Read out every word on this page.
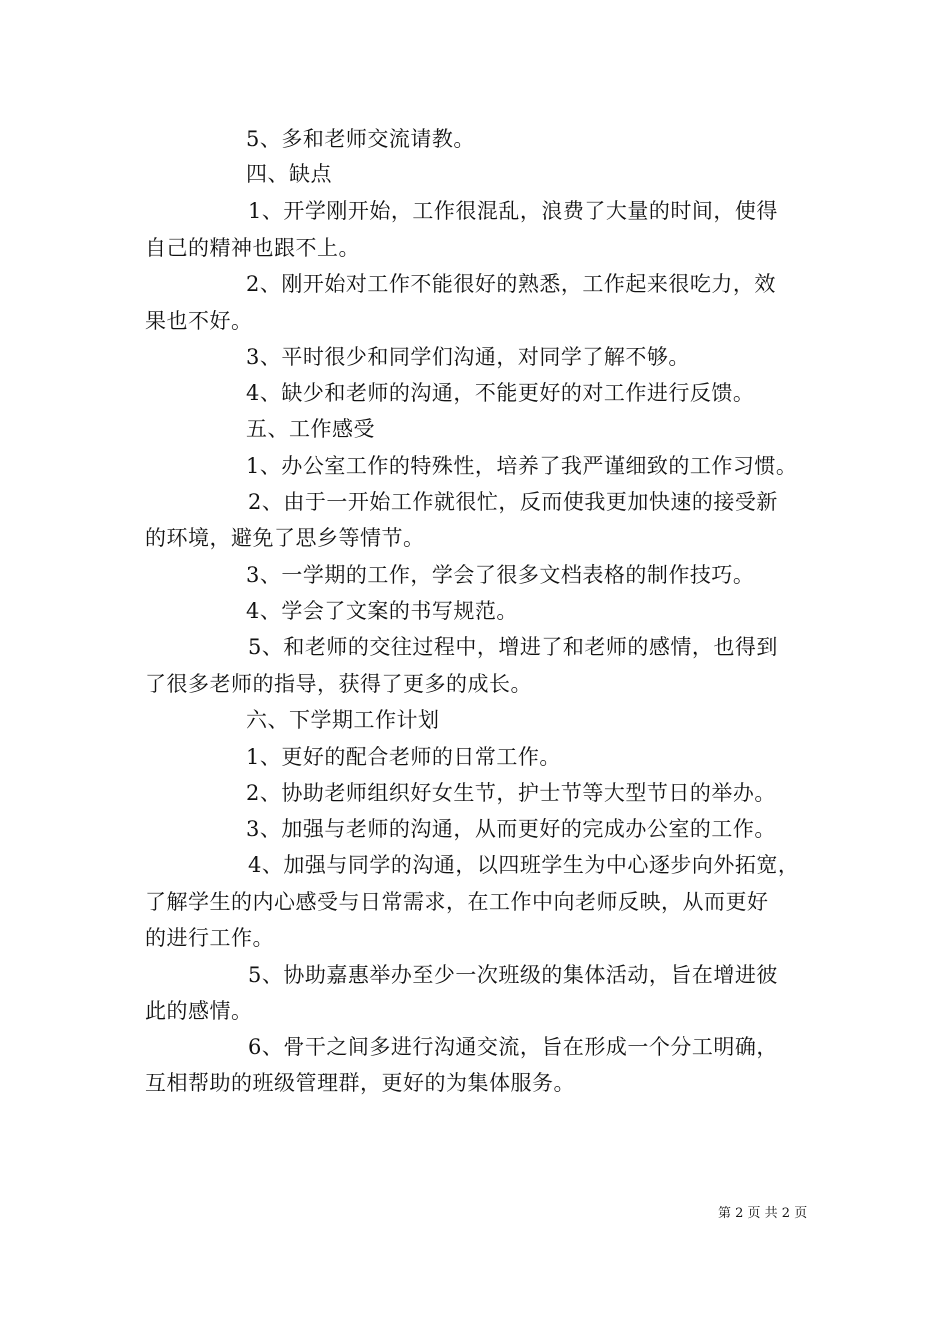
5、多和老师交流请教。
四、缺点
1、开学刚开始，工作很混乱，浪费了大量的时间，使得
自己的精神也跟不上。
2、刚开始对工作不能很好的熟悉，工作起来很吃力，效
果也不好。
3、平时很少和同学们沟通，对同学了解不够。
4、缺少和老师的沟通，不能更好的对工作进行反馈。
五、工作感受
1、办公室工作的特殊性，培养了我严谨细致的工作习惯。
2、由于一开始工作就很忙，反而使我更加快速的接受新
的环境，避免了思乡等情节。
3、一学期的工作，学会了很多文档表格的制作技巧。
4、学会了文案的书写规范。
5、和老师的交往过程中，增进了和老师的感情，也得到
了很多老师的指导，获得了更多的成长。
六、下学期工作计划
1、更好的配合老师的日常工作。
2、协助老师组织好女生节，护士节等大型节日的举办。
3、加强与老师的沟通，从而更好的完成办公室的工作。
4、加强与同学的沟通，以四班学生为中心逐步向外拓宽，
了解学生的内心感受与日常需求，在工作中向老师反映，从而更好
的进行工作。
5、协助嘉惠举办至少一次班级的集体活动，旨在增进彼
此的感情。
6、骨干之间多进行沟通交流，旨在形成一个分工明确，
互相帮助的班级管理群，更好的为集体服务。
第 2 页 共 2 页
